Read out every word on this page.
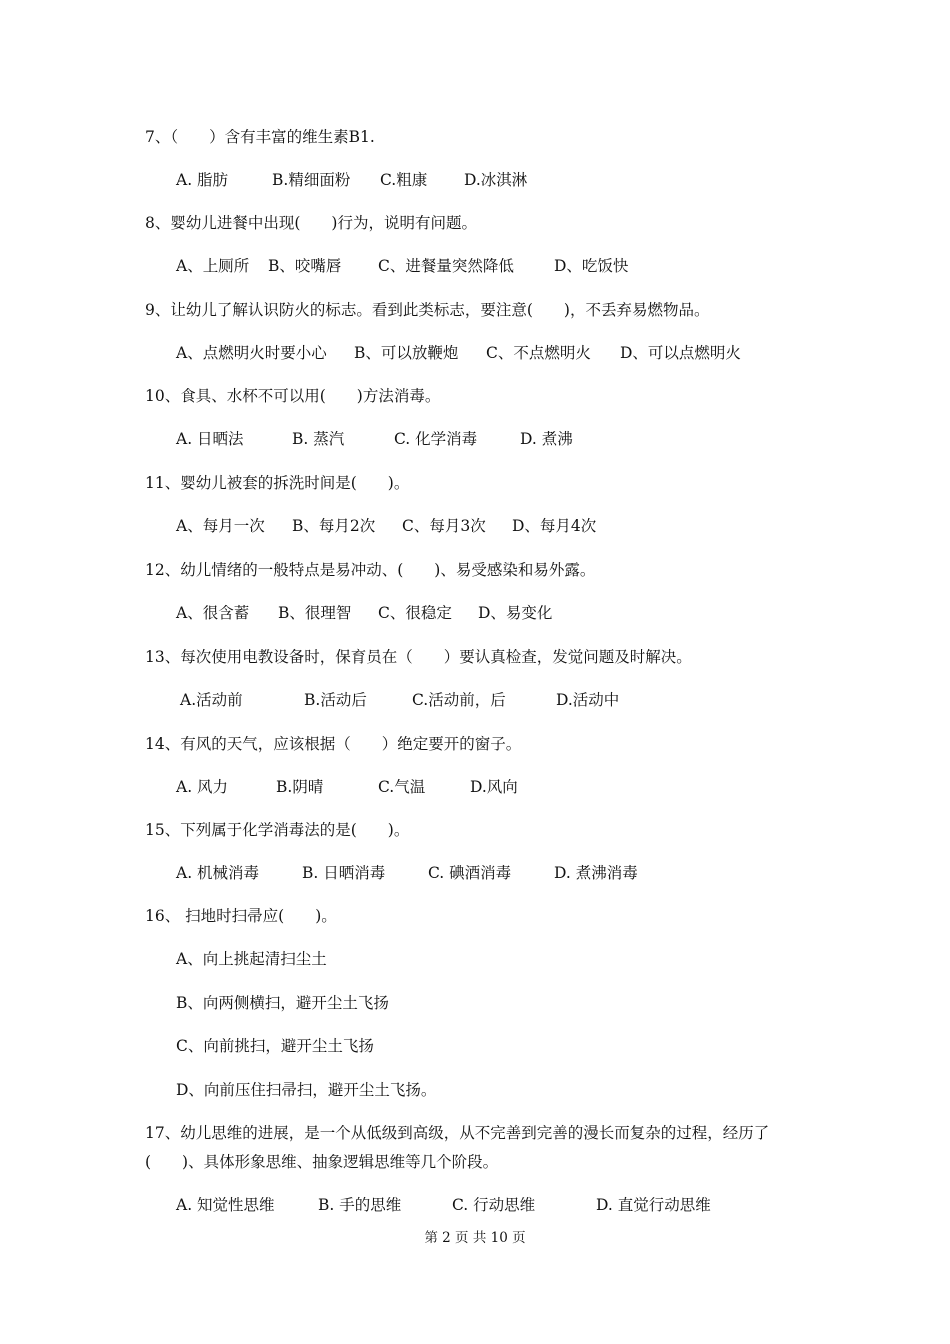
7、（　　）含有丰富的维生素B1.
A. 脂肪	B.精细面粉 C.粗康 D.冰淇淋
8、婴幼儿进餐中出现(　　)行为，说明有问题。
A、上厕所 B、咬嘴唇 C、进餐量突然降低	D、吃饭快
9、让幼儿了解认识防火的标志。看到此类标志，要注意(　　)，不丢弃易燃物品。
A、点燃明火时要小心 B、可以放鞭炮 C、不点燃明火 D、可以点燃明火
10、食具、水杯不可以用(　　)方法消毒。
A. 日晒法	B. 蒸汽	C. 化学消毒	D. 煮沸
11、婴幼儿被套的拆洗时间是(　　)。
A、每月一次 B、每月2次 C、每月3次 D、每月4次
12、幼儿情绪的一般特点是易冲动、(　　)、易受感染和易外露。
A、很含蓄 B、很理智 C、很稳定 D、易变化
13、每次使用电教设备时，保育员在（　　）要认真检查，发觉问题及时解决。
A.活动前	B.活动后	C.活动前，后	D.活动中
14、有风的天气，应该根据（　　）绝定要开的窗子。
A. 风力	B.阴晴	C.气温	D.风向
15、下列属于化学消毒法的是(　　)。
A. 机械消毒	B. 日晒消毒	C. 碘酒消毒	D. 煮沸消毒
16、 扫地时扫帚应(　　)。
A、向上挑起清扫尘土
B、向两侧横扫，避开尘土飞扬
C、向前挑扫，避开尘土飞扬
D、向前压住扫帚扫，避开尘土飞扬。
17、幼儿思维的进展，是一个从低级到高级，从不完善到完善的漫长而复杂的过程，经历了(　　)、具体形象思维、抽象逻辑思维等几个阶段。
A. 知觉性思维	B. 手的思维	C. 行动思维	D. 直觉行动思维
第 2 页 共 10 页
